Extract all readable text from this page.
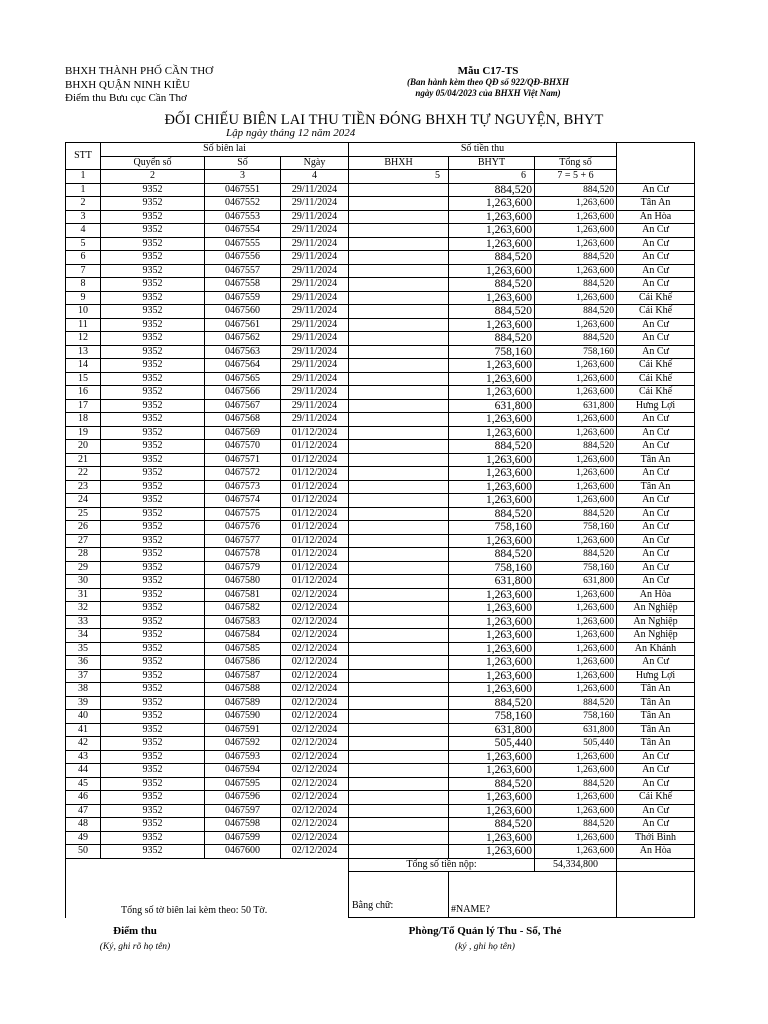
BHXH THÀNH PHỐ CẦN THƠ
BHXH QUẬN NINH KIỀU
Điểm thu Bưu cục Cần Thơ
Mẫu C17-TS
(Ban hành kèm theo QĐ số 922/QĐ-BHXH
ngày 05/04/2023 của BHXH Việt Nam)
ĐỐI CHIẾU BIÊN LAI THU TIỀN ĐÓNG BHXH TỰ NGUYỆN, BHYT
Lập ngày tháng 12 năm 2024
STT	Số biên lai			Số tiền thu			
	Quyển số	Số	Ngày	BHXH	BHYT	Tổng số	
1	2	3	4	5	6	7 = 5 + 6	
1	9352	0467551	29/11/2024		884,520	884,520	An Cư
2	9352	0467552	29/11/2024		1,263,600	1,263,600	Tân An
3	9352	0467553	29/11/2024		1,263,600	1,263,600	An Hòa
4	9352	0467554	29/11/2024		1,263,600	1,263,600	An Cư
5	9352	0467555	29/11/2024		1,263,600	1,263,600	An Cư
6	9352	0467556	29/11/2024		884,520	884,520	An Cư
7	9352	0467557	29/11/2024		1,263,600	1,263,600	An Cư
8	9352	0467558	29/11/2024		884,520	884,520	An Cư
9	9352	0467559	29/11/2024		1,263,600	1,263,600	Cái Khế
10	9352	0467560	29/11/2024		884,520	884,520	Cái Khế
11	9352	0467561	29/11/2024		1,263,600	1,263,600	An Cư
12	9352	0467562	29/11/2024		884,520	884,520	An Cư
13	9352	0467563	29/11/2024		758,160	758,160	An Cư
14	9352	0467564	29/11/2024		1,263,600	1,263,600	Cái Khế
15	9352	0467565	29/11/2024		1,263,600	1,263,600	Cái Khế
16	9352	0467566	29/11/2024		1,263,600	1,263,600	Cái Khế
17	9352	0467567	29/11/2024		631,800	631,800	Hưng Lợi
18	9352	0467568	29/11/2024		1,263,600	1,263,600	An Cư
19	9352	0467569	01/12/2024		1,263,600	1,263,600	An Cư
20	9352	0467570	01/12/2024		884,520	884,520	An Cư
21	9352	0467571	01/12/2024		1,263,600	1,263,600	Tân An
22	9352	0467572	01/12/2024		1,263,600	1,263,600	An Cư
23	9352	0467573	01/12/2024		1,263,600	1,263,600	Tân An
24	9352	0467574	01/12/2024		1,263,600	1,263,600	An Cư
25	9352	0467575	01/12/2024		884,520	884,520	An Cư
26	9352	0467576	01/12/2024		758,160	758,160	An Cư
27	9352	0467577	01/12/2024		1,263,600	1,263,600	An Cư
28	9352	0467578	01/12/2024		884,520	884,520	An Cư
29	9352	0467579	01/12/2024		758,160	758,160	An Cư
30	9352	0467580	01/12/2024		631,800	631,800	An Cư
31	9352	0467581	02/12/2024		1,263,600	1,263,600	An Hòa
32	9352	0467582	02/12/2024		1,263,600	1,263,600	An Nghiệp
33	9352	0467583	02/12/2024		1,263,600	1,263,600	An Nghiệp
34	9352	0467584	02/12/2024		1,263,600	1,263,600	An Nghiệp
35	9352	0467585	02/12/2024		1,263,600	1,263,600	An Khánh
36	9352	0467586	02/12/2024		1,263,600	1,263,600	An Cư
37	9352	0467587	02/12/2024		1,263,600	1,263,600	Hưng Lợi
38	9352	0467588	02/12/2024		1,263,600	1,263,600	Tân An
39	9352	0467589	02/12/2024		884,520	884,520	Tân An
40	9352	0467590	02/12/2024		758,160	758,160	Tân An
41	9352	0467591	02/12/2024		631,800	631,800	Tân An
42	9352	0467592	02/12/2024		505,440	505,440	Tân An
43	9352	0467593	02/12/2024		1,263,600	1,263,600	An Cư
44	9352	0467594	02/12/2024		1,263,600	1,263,600	An Cư
45	9352	0467595	02/12/2024		884,520	884,520	An Cư
46	9352	0467596	02/12/2024		1,263,600	1,263,600	Cái Khế
47	9352	0467597	02/12/2024		1,263,600	1,263,600	An Cư
48	9352	0467598	02/12/2024		884,520	884,520	An Cư
49	9352	0467599	02/12/2024		1,263,600	1,263,600	Thới Bình
50	9352	0467600	02/12/2024		1,263,600	1,263,600	An Hòa
Tổng số tờ biên lai kèm theo: 50 Tờ.				Tổng số tiền nộp:		54,334,800	

				Bằng chữ:	#NAME?		
Điểm thu
(Ký, ghi rõ họ tên)
Phòng/Tổ Quản lý Thu - Sổ, Thẻ
(ký , ghi họ tên)
